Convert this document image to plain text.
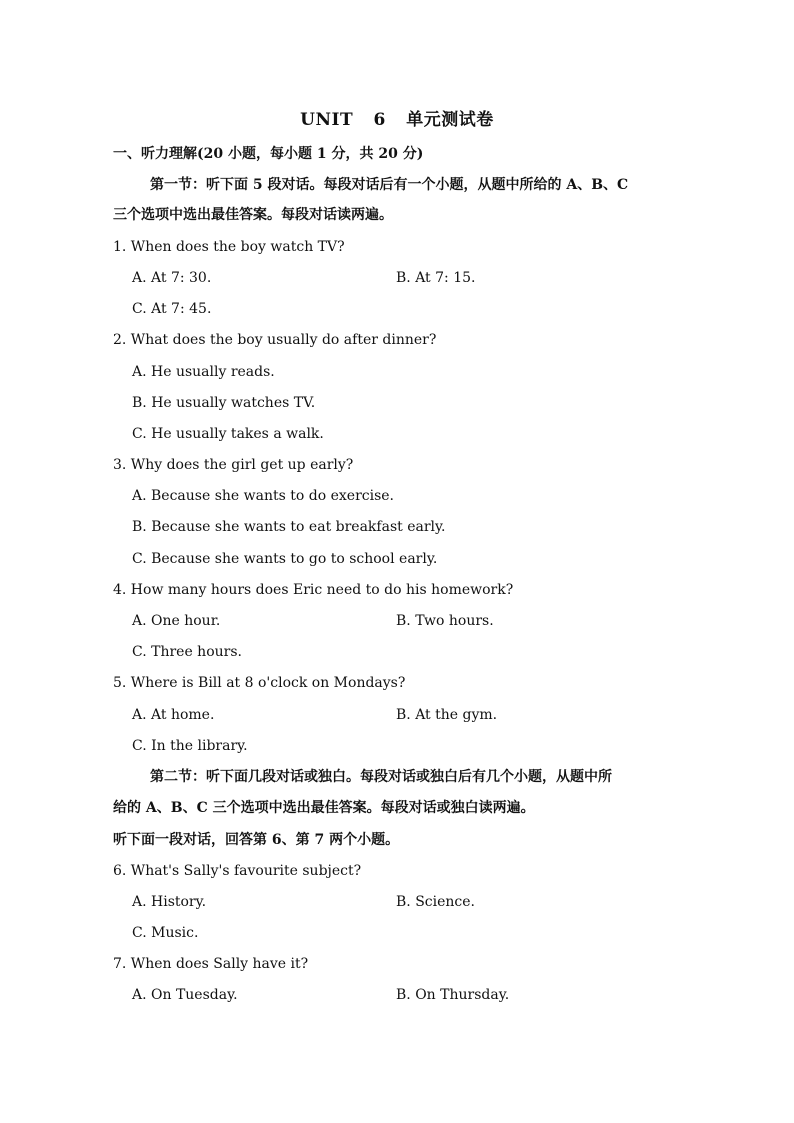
UNIT 6 单元测试卷
一、听力理解(20 小题，每小题 1 分，共 20 分)
第一节：听下面 5 段对话。每段对话后有一个小题，从题中所给的 A、B、C
三个选项中选出最佳答案。每段对话读两遍。
1. When does the boy watch TV?
A. At 7: 30.	B. At 7: 15.
C. At 7: 45.
2. What does the boy usually do after dinner?
A. He usually reads.
B. He usually watches TV.
C. He usually takes a walk.
3. Why does the girl get up early?
A. Because she wants to do exercise.
B. Because she wants to eat breakfast early.
C. Because she wants to go to school early.
4. How many hours does Eric need to do his homework?
A. One hour.	B. Two hours.
C. Three hours.
5. Where is Bill at 8 o'clock on Mondays?
A. At home.	B. At the gym.
C. In the library.
第二节：听下面几段对话或独白。每段对话或独白后有几个小题，从题中所
给的 A、B、C 三个选项中选出最佳答案。每段对话或独白读两遍。
听下面一段对话，回答第 6、第 7 两个小题。
6. What's Sally's favourite subject?
A. History.	B. Science.
C. Music.
7. When does Sally have it?
A. On Tuesday.	B. On Thursday.
